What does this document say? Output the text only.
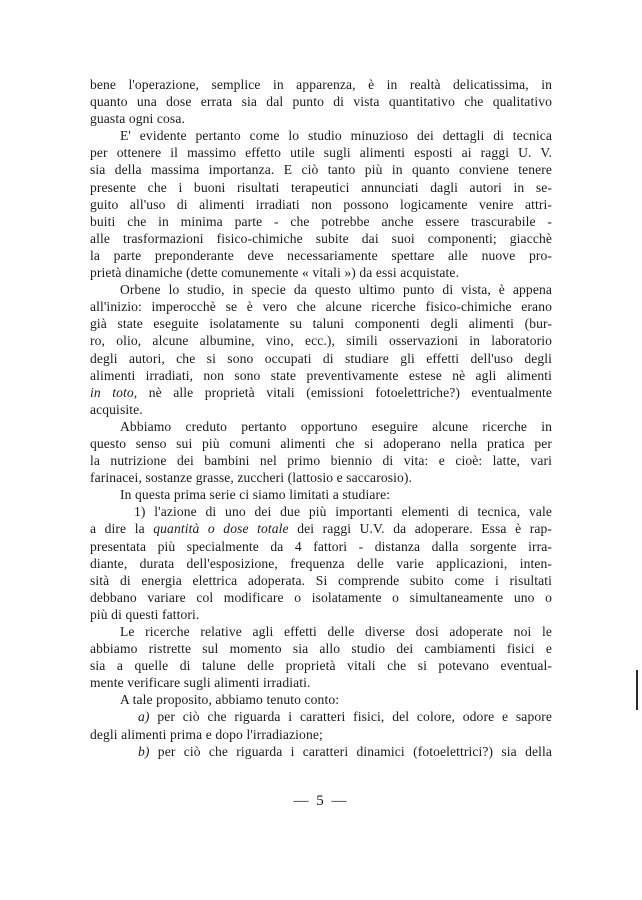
bene l'operazione, semplice in apparenza, è in realtà delicatissima, in
quanto una dose errata sia dal punto di vista quantitativo che qualitativo
guasta ogni cosa.
E' evidente pertanto come lo studio minuzioso dei dettagli di tecnica
per ottenere il massimo effetto utile sugli alimenti esposti ai raggi U. V.
sia della massima importanza. E ciò tanto più in quanto conviene tenere
presente che i buoni risultati terapeutici annunciati dagli autori in se-
guito all'uso di alimenti irradiati non possono logicamente venire attri-
buiti che in minima parte - che potrebbe anche essere trascurabile -
alle trasformazioni fisico-chimiche subite dai suoi componenti; giacchè
la parte preponderante deve necessariamente spettare alle nuove pro-
prietà dinamiche (dette comunemente « vitali ») da essi acquistate.
Orbene lo studio, in specie da questo ultimo punto di vista, è appena
all'inizio: imperocchè se è vero che alcune ricerche fisico-chimiche erano
già state eseguite isolatamente su taluni componenti degli alimenti (bur-
ro, olio, alcune albumine, vino, ecc.), simili osservazioni in laboratorio
degli autori, che si sono occupati di studiare gli effetti dell'uso degli
alimenti irradiati, non sono state preventivamente estese nè agli alimenti
in toto, nè alle proprietà vitali (emissioni fotoelettriche?) eventualmente
acquisite.
Abbiamo creduto pertanto opportuno eseguire alcune ricerche in
questo senso sui più comuni alimenti che si adoperano nella pratica per
la nutrizione dei bambini nel primo biennio di vita: e cioè: latte, vari
farinacei, sostanze grasse, zuccheri (lattosio e saccarosio).
In questa prima serie ci siamo limitati a studiare:
1) l'azione di uno dei due più importanti elementi di tecnica, vale
a dire la quantità o dose totale dei raggi U.V. da adoperare. Essa è rap-
presentata più specialmente da 4 fattori - distanza dalla sorgente irra-
diante, durata dell'esposizione, frequenza delle varie applicazioni, inten-
sità di energia elettrica adoperata. Si comprende subito come i risultati
debbano variare col modificare o isolatamente o simultaneamente uno o
più di questi fattori.
Le ricerche relative agli effetti delle diverse dosi adoperate noi le
abbiamo ristrette sul momento sia allo studio dei cambiamenti fisici e
sia a quelle di talune delle proprietà vitali che si potevano eventual-
mente verificare sugli alimenti irradiati.
A tale proposito, abbiamo tenuto conto:
a) per ciò che riguarda i caratteri fisici, del colore, odore e sapore
degli alimenti prima e dopo l'irradiazione;
b) per ciò che riguarda i caratteri dinamici (fotoelettrici?) sia della
— 5 —
